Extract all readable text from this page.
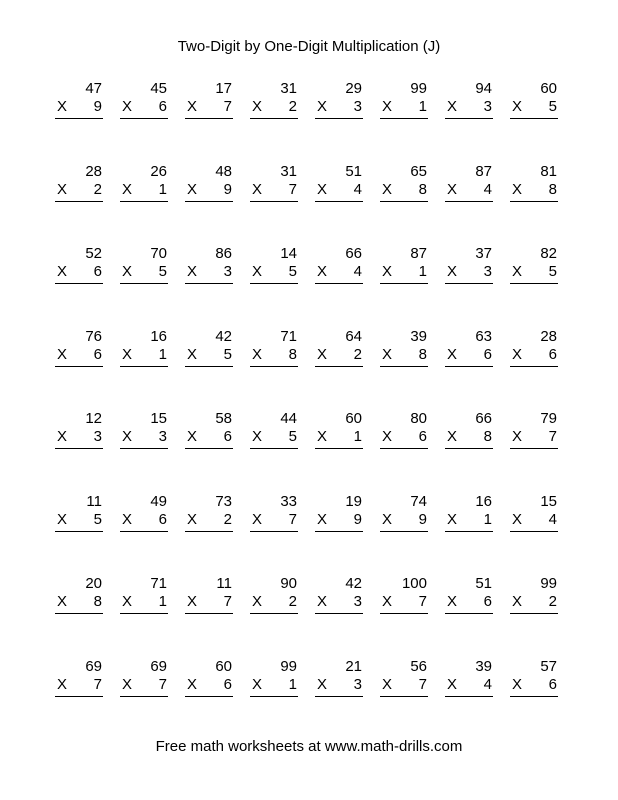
Two-Digit by One-Digit Multiplication (J)
47
X 9
45
X 6
17
X 7
31
X 2
29
X 3
99
X 1
94
X 3
60
X 5
28
X 2
26
X 1
48
X 9
31
X 7
51
X 4
65
X 8
87
X 4
81
X 8
52
X 6
70
X 5
86
X 3
14
X 5
66
X 4
87
X 1
37
X 3
82
X 5
76
X 6
16
X 1
42
X 5
71
X 8
64
X 2
39
X 8
63
X 6
28
X 6
12
X 3
15
X 3
58
X 6
44
X 5
60
X 1
80
X 6
66
X 8
79
X 7
11
X 5
49
X 6
73
X 2
33
X 7
19
X 9
74
X 9
16
X 1
15
X 4
20
X 8
71
X 1
11
X 7
90
X 2
42
X 3
100
X 7
51
X 6
99
X 2
69
X 7
69
X 7
60
X 6
99
X 1
21
X 3
56
X 7
39
X 4
57
X 6
Free math worksheets at www.math-drills.com
